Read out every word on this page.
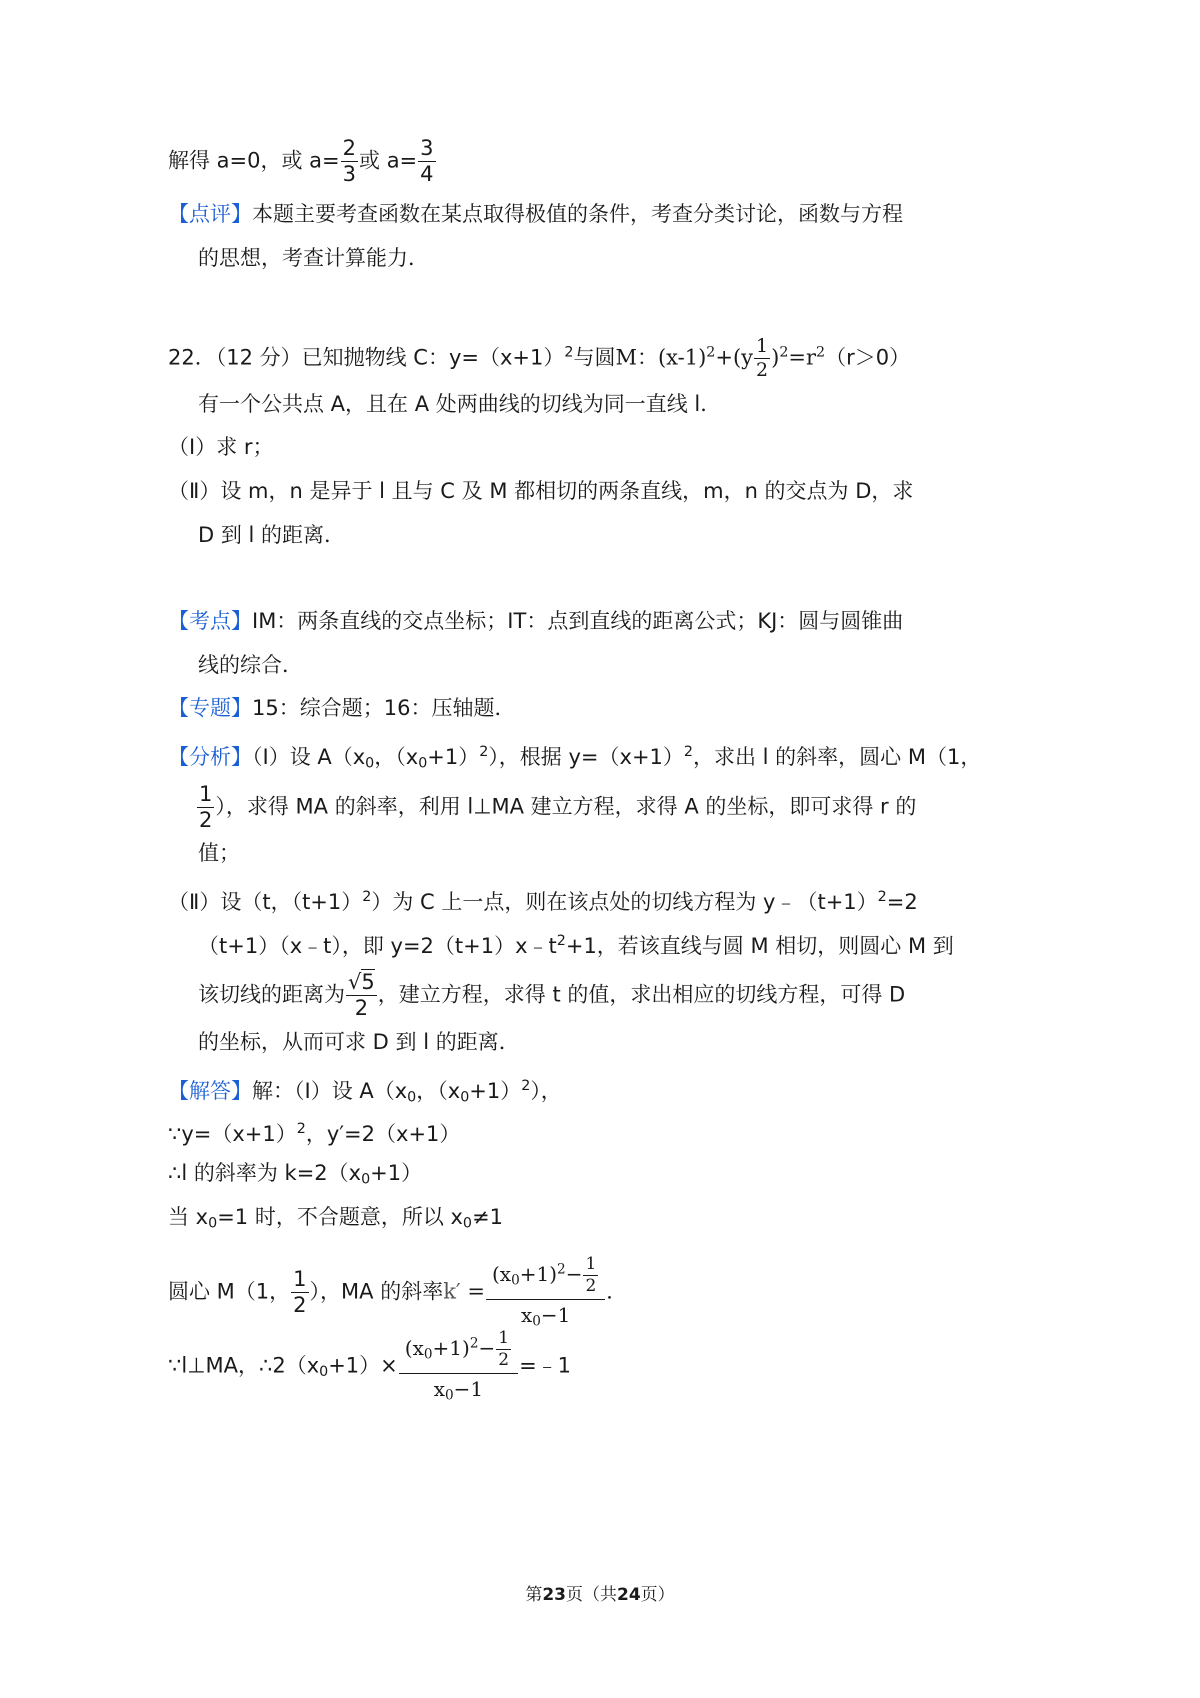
解得 a=0，或 $a= \frac{2}{3}$ 或 $a= \frac{3}{4}$
【点评】本题主要考查函数在某点取得极值的条件，考查分类讨论，函数与方程
的思想，考查计算能力．
22．（12 分）已知抛物线 C：$y=(x+1)^2$与圆M：$(x-1)^2+(y \frac{1}{2} )^2=r^2(r>0)$
有一个公共点 A，且在 A 处两曲线的切线为同一直线 l．
（Ⅰ）求 r；
（Ⅱ）设 m，n 是异于 l 且与 C 及 M 都相切的两条直线，m，n 的交点为 D，求
D 到 l 的距离．
【考点】IM：两条直线的交点坐标；IT：点到直线的距离公式；KJ：圆与圆锥曲
线的综合．
【专题】15：综合题；16：压轴题．
【分析】（Ⅰ）设 $A(x_0$，$(x_0+1)^2$），根据 $y=(x+1)^2$，求出 l 的斜率，圆心 M（1，
$\frac{1}{2}$ ），求得 MA 的斜率，利用 l⊥MA 建立方程，求得 A 的坐标，即可求得 r 的
值；
（Ⅱ）设（t，$(t+1)^2$）为 C 上一点，则在该点处的切线方程为 $y﹣(t+1)^2=2$
（t+1）（x﹣t），即 $y=2(t+1)x﹣t^2+1$，若该直线与圆 M 相切，则圆心 M 到
该切线的距离为 $\frac{√5}{2}$ ，建立方程，求得 t 的值，求出相应的切线方程，可得 D
的坐标，从而可求 D 到 l 的距离．
【解答】解：（Ⅰ）设 $A(x_0$，$(x_0+1)^2$），
$\because y=(x+1)^2$，y′=2（x+1）
∴l 的斜率为 $k=2(x_0+1)$
当 $x_0=1$ 时，不合题意，所以 $x_0\ne 1$
圆心 M（1， $\frac{1}{2}$ ），MA 的斜率$k' = \frac{(x_0+1)^2- \frac{1}{2}}{x_0-1}$ ．
∵l⊥MA，$\therefore 2(x_0+1)\times \frac{(x_0+1)^2- \frac{1}{2}}{x_0-1}$ =﹣1
第23页（共24页）
